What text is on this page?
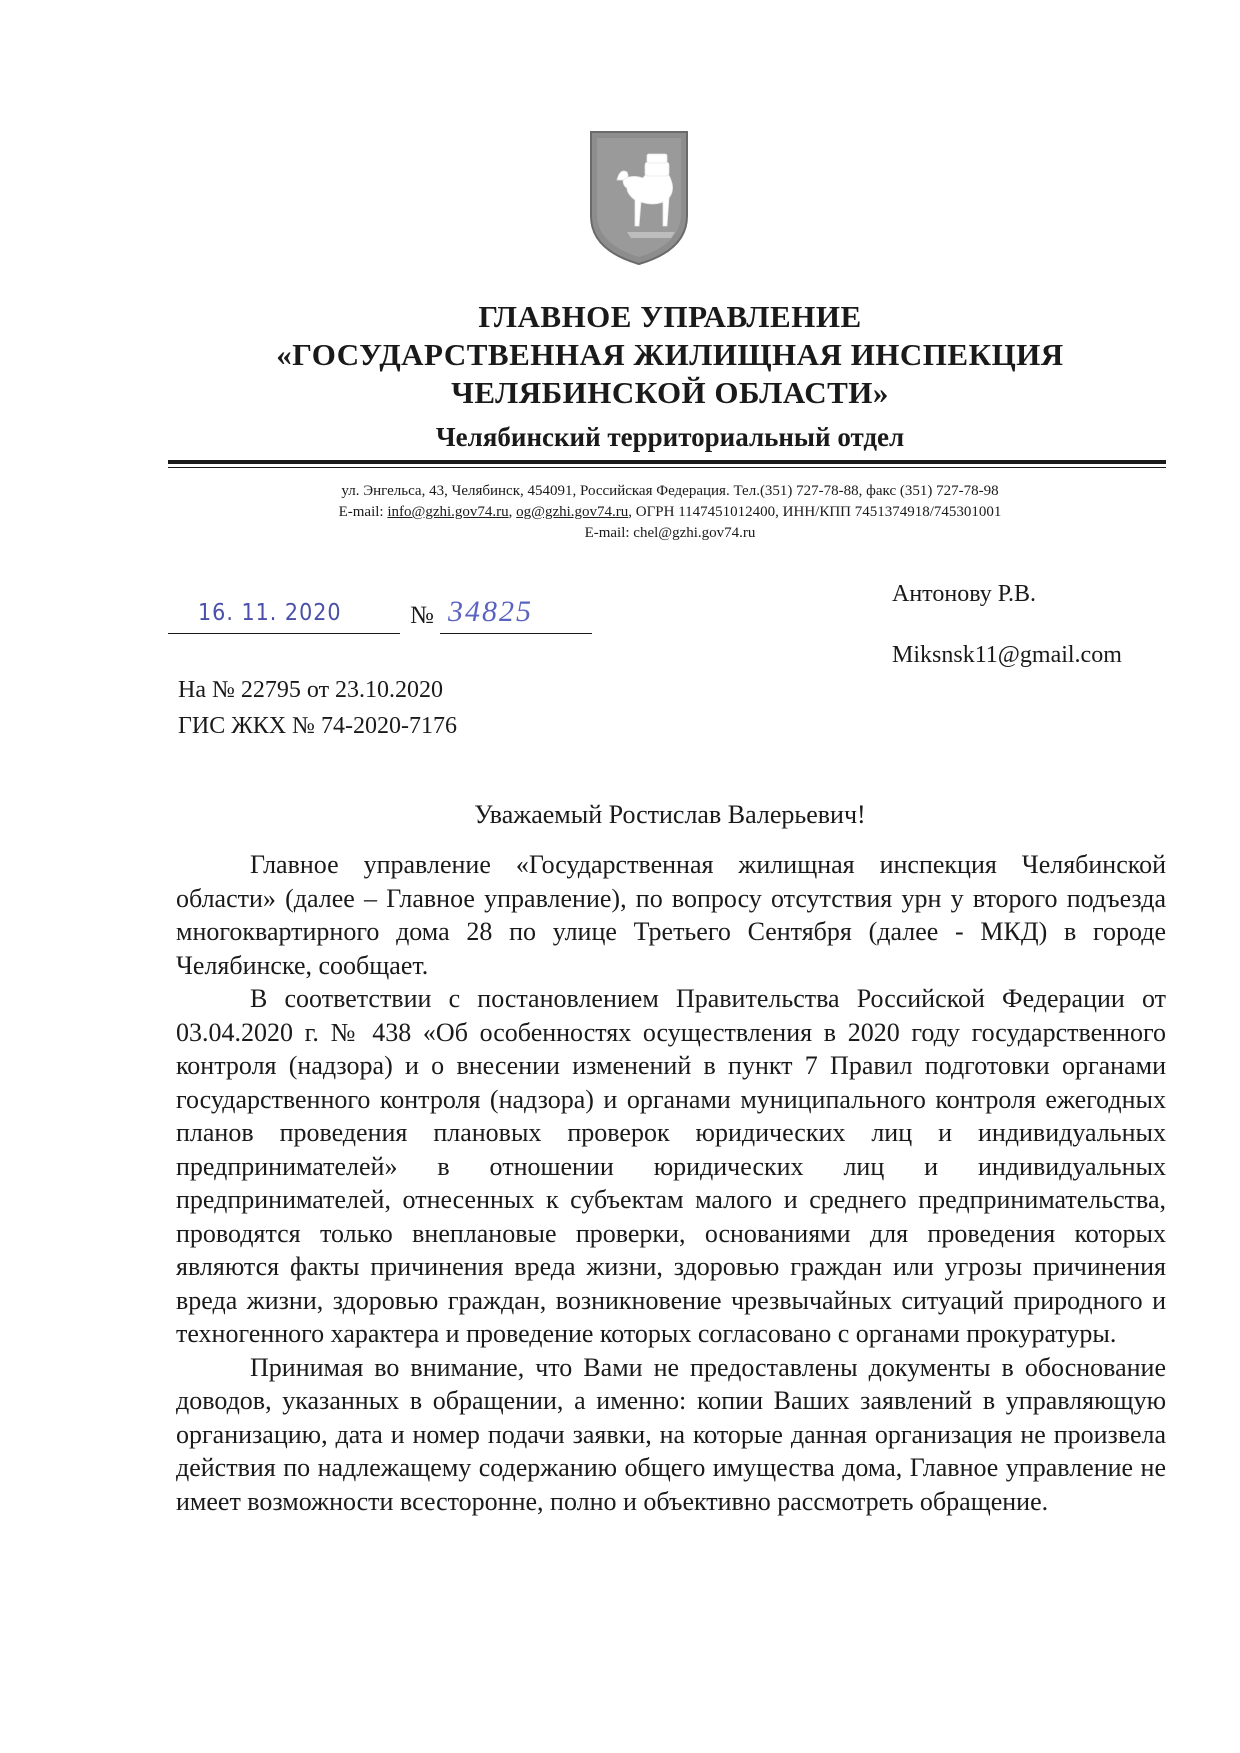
ГЛАВНОЕ УПРАВЛЕНИЕ
«ГОСУДАРСТВЕННАЯ ЖИЛИЩНАЯ ИНСПЕКЦИЯ
ЧЕЛЯБИНСКОЙ ОБЛАСТИ»
Челябинский территориальный отдел
ул. Энгельса, 43, Челябинск, 454091, Российская Федерация. Тел.(351) 727-78-88, факс (351) 727-78-98
E-mail: info@gzhi.gov74.ru, og@gzhi.gov74.ru, ОГРН 1147451012400, ИНН/КПП 7451374918/745301001
E-mail: chel@gzhi.gov74.ru
Антонову Р.В.
Miksnsk11@gmail.com
16. 11. 2020	№ 34825
На № 22795 от 23.10.2020
ГИС ЖКХ № 74-2020-7176
Уважаемый Ростислав Валерьевич!

Главное управление «Государственная жилищная инспекция Челябинской области» (далее – Главное управление), по вопросу отсутствия урн у второго подъезда многоквартирного дома 28 по улице Третьего Сентября (далее - МКД) в городе Челябинске, сообщает.

В соответствии с постановлением Правительства Российской Федерации от 03.04.2020 г. № 438 «Об особенностях осуществления в 2020 году государственного контроля (надзора) и о внесении изменений в пункт 7 Правил подготовки органами государственного контроля (надзора) и органами муниципального контроля ежегодных планов проведения плановых проверок юридических лиц и индивидуальных предпринимателей» в отношении юридических лиц и индивидуальных предпринимателей, отнесенных к субъектам малого и среднего предпринимательства, проводятся только внеплановые проверки, основаниями для проведения которых являются факты причинения вреда жизни, здоровью граждан или угрозы причинения вреда жизни, здоровью граждан, возникновение чрезвычайных ситуаций природного и техногенного характера и проведение которых согласовано с органами прокуратуры.

Принимая во внимание, что Вами не предоставлены документы в обоснование доводов, указанных в обращении, а именно: копии Ваших заявлений в управляющую организацию, дата и номер подачи заявки, на которые данная организация не произвела действия по надлежащему содержанию общего имущества дома, Главное управление не имеет возможности всесторонне, полно и объективно рассмотреть обращение.
